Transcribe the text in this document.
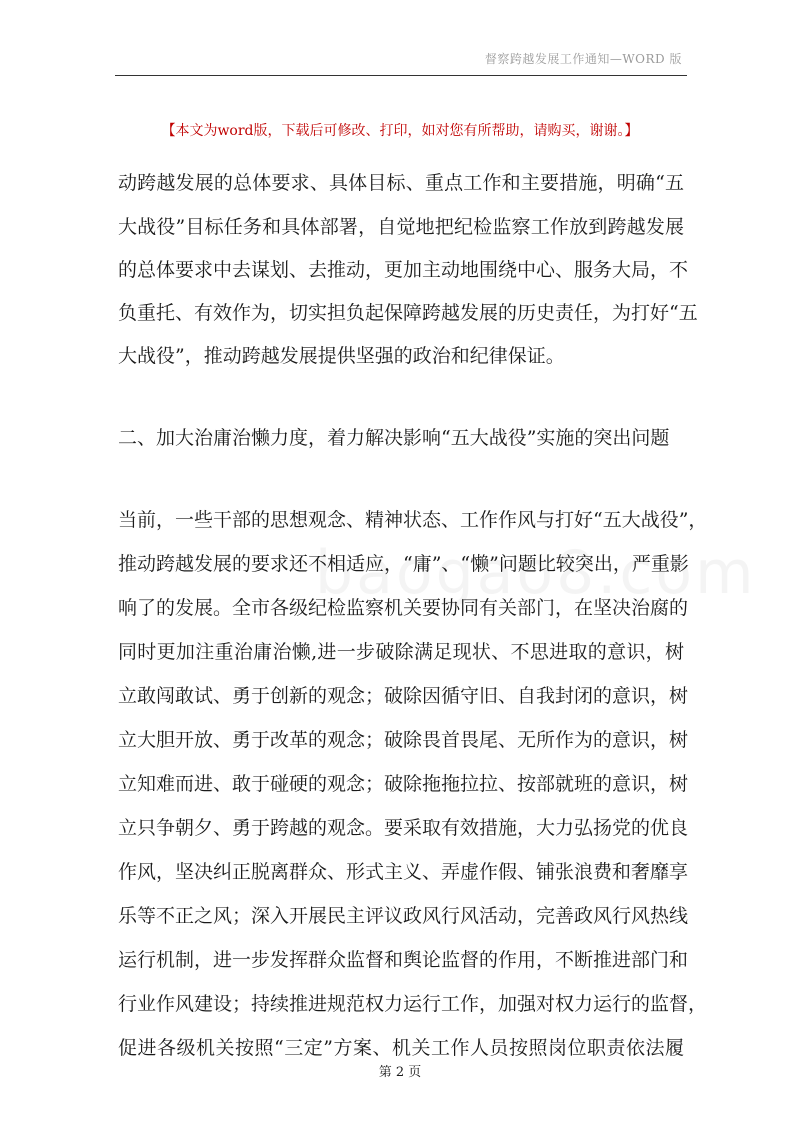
督察跨越发展工作通知—WORD 版
【本文为word版，下载后可修改、打印，如对您有所帮助，请购买，谢谢。】
动跨越发展的总体要求、具体目标、重点工作和主要措施，明确“五
大战役”目标任务和具体部署，自觉地把纪检监察工作放到跨越发展
的总体要求中去谋划、去推动，更加主动地围绕中心、服务大局，不
负重托、有效作为，切实担负起保障跨越发展的历史责任，为打好“五
大战役”，推动跨越发展提供坚强的政治和纪律保证。
二、加大治庸治懒力度，着力解决影响“五大战役”实施的突出问题
当前，一些干部的思想观念、精神状态、工作作风与打好“五大战役”，
推动跨越发展的要求还不相适应，“庸”、“懒”问题比较突出，严重影
响了的发展。全市各级纪检监察机关要协同有关部门，在坚决治腐的
同时更加注重治庸治懒,进一步破除满足现状、不思进取的意识，树
立敢闯敢试、勇于创新的观念；破除因循守旧、自我封闭的意识，树
立大胆开放、勇于改革的观念；破除畏首畏尾、无所作为的意识，树
立知难而进、敢于碰硬的观念；破除拖拖拉拉、按部就班的意识，树
立只争朝夕、勇于跨越的观念。要采取有效措施，大力弘扬党的优良
作风，坚决纠正脱离群众、形式主义、弄虚作假、铺张浪费和奢靡享
乐等不正之风；深入开展民主评议政风行风活动，完善政风行风热线
运行机制，进一步发挥群众监督和舆论监督的作用，不断推进部门和
行业作风建设；持续推进规范权力运行工作，加强对权力运行的监督，
促进各级机关按照“三定”方案、机关工作人员按照岗位职责依法履
第 2 页
